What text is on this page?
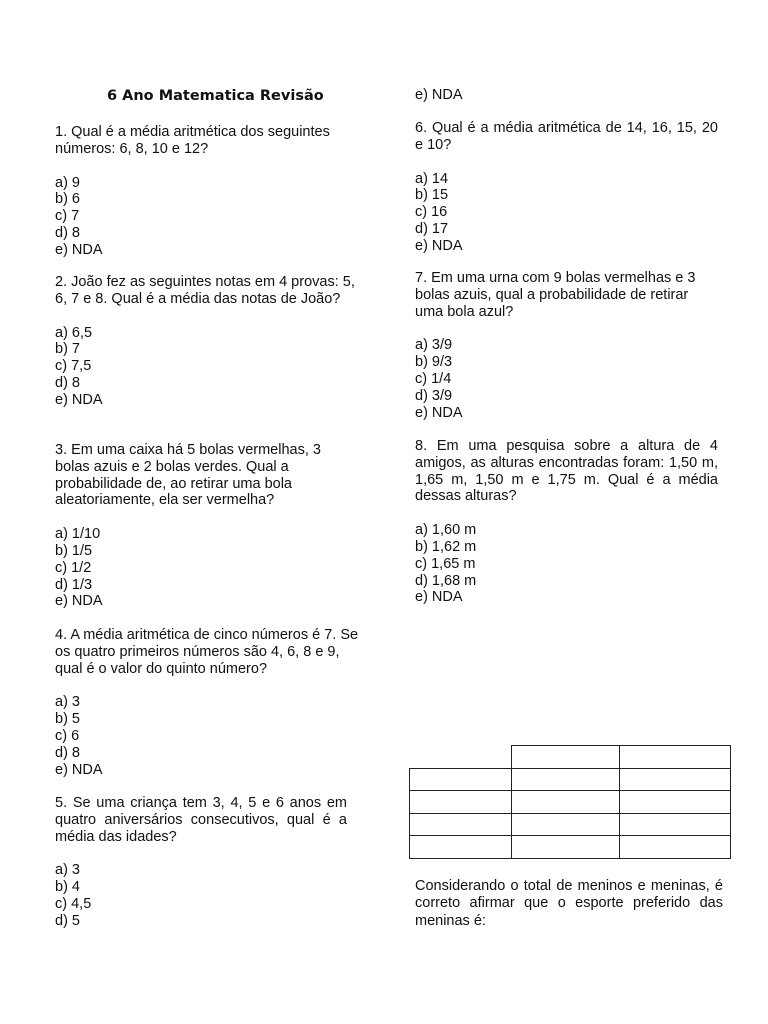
6 Ano Matematica Revisão

1. Qual é a média aritmética dos seguintes números: 6, 8, 10 e 12?

a) 9

b) 6

c) 7

d) 8

e) NDA

2. João fez as seguintes notas em 4 provas: 5, 6, 7 e 8. Qual é a média das notas de João?

a) 6,5

b) 7

c) 7,5

d) 8

e) NDA

3. Em uma caixa há 5 bolas vermelhas, 3 bolas azuis e 2 bolas verdes. Qual a probabilidade de, ao retirar uma bola aleatoriamente, ela ser vermelha?

a) 1/10

b) 1/5

c) 1/2

d) 1/3

e) NDA

4. A média aritmética de cinco números é 7. Se os quatro primeiros números são 4, 6, 8 e 9, qual é o valor do quinto número?

a) 3

b) 5

c) 6

d) 8

e) NDA

5. Se uma criança tem 3, 4, 5 e 6 anos em quatro aniversários consecutivos, qual é a média das idades?

a) 3

b) 4

c) 4,5

d) 5

e) NDA

6. Qual é a média aritmética de 14, 16, 15, 20 e 10?

a) 14

b) 15

c) 16

d) 17

e) NDA

7. Em uma urna com 9 bolas vermelhas e 3 bolas azuis, qual a probabilidade de retirar uma bola azul?

a) 3/9

b) 9/3

c) 1/4

d) 3/9

e) NDA

8. Em uma pesquisa sobre a altura de 4 amigos, as alturas encontradas foram: 1,50 m, 1,65 m, 1,50 m e 1,75 m. Qual é a média dessas alturas?

a) 1,60 m

b) 1,62 m

c) 1,65 m

d) 1,68 m

e) NDA

Considerando o total de meninos e meninas, é correto afirmar que o esporte preferido das meninas é:
